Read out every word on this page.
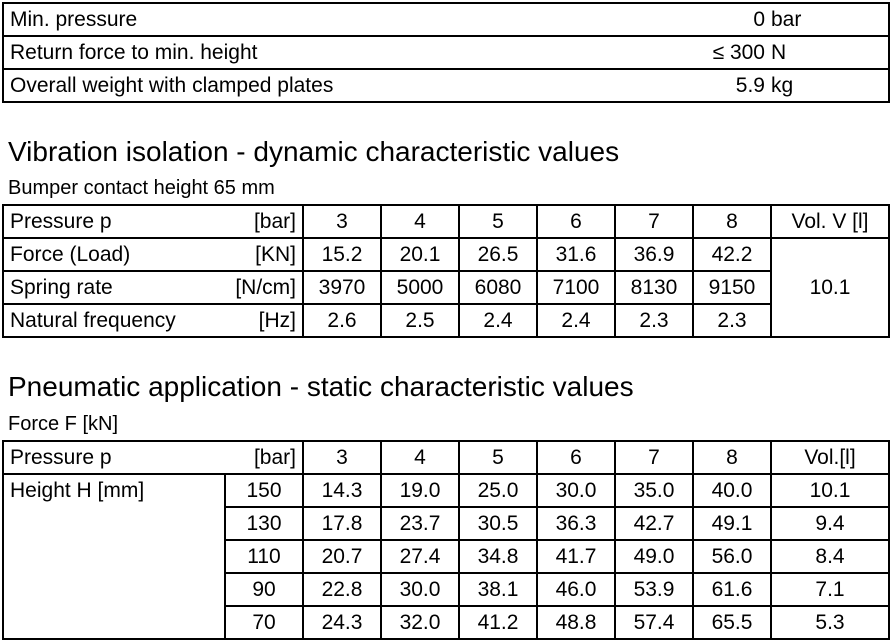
Min. pressure	0	bar
Return force to min. height	≤ 300	N
Overall weight with clamped plates	5.9	kg
Vibration isolation - dynamic characteristic values
Bumper contact height 65 mm
Pressure p	[bar]	3	4	5	6	7	8	Vol. V [l]
Force (Load)	[KN]	15.2	20.1	26.5	31.6	36.9	42.2	10.1
Spring rate	[N/cm]	3970	5000	6080	7100	8130	9150	
Natural frequency	[Hz]	2.6	2.5	2.4	2.4	2.3	2.3	
Pneumatic application - static characteristic values
Force F [kN]
Pressure p	[bar]	3	4	5	6	7	8	Vol.[l]
Height H [mm]	150	14.3	19.0	25.0	30.0	35.0	40.0	10.1
	130	17.8	23.7	30.5	36.3	42.7	49.1	9.4
	110	20.7	27.4	34.8	41.7	49.0	56.0	8.4
	90	22.8	30.0	38.1	46.0	53.9	61.6	7.1
	70	24.3	32.0	41.2	48.8	57.4	65.5	5.3
